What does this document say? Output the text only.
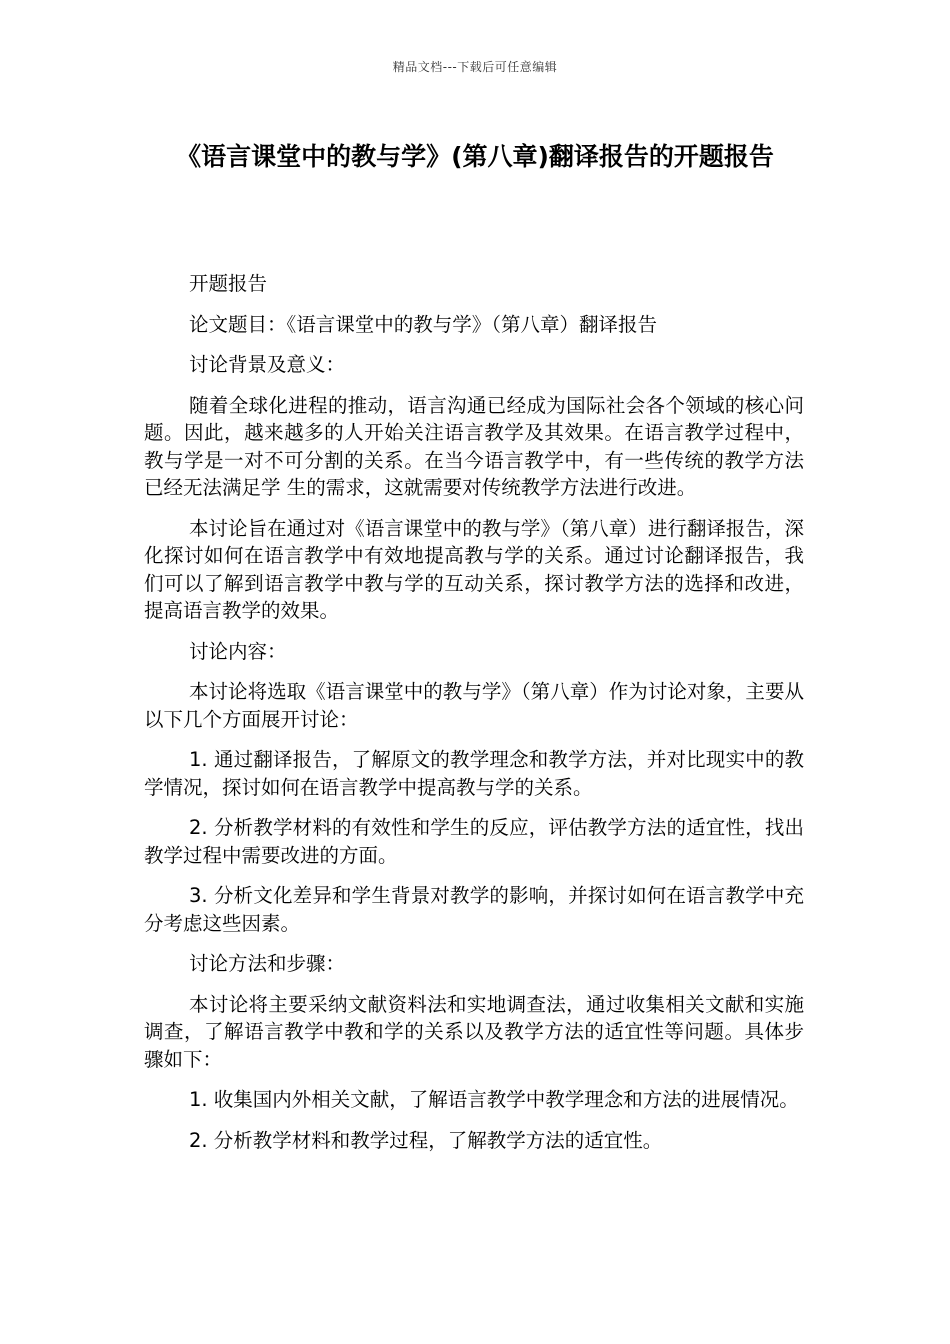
精品文档---下载后可任意编辑
《语言课堂中的教与学》(第八章)翻译报告的开题报告

开题报告

论文题目：《语言课堂中的教与学》（第八章）翻译报告

讨论背景及意义：

随着全球化进程的推动，语言沟通已经成为国际社会各个领域的核心问题。因此，越来越多的人开始关注语言教学及其效果。在语言教学过程中，教与学是一对不可分割的关系。在当今语言教学中，有一些传统的教学方法已经无法满足学 生的需求，这就需要对传统教学方法进行改进。

本讨论旨在通过对《语言课堂中的教与学》（第八章）进行翻译报告，深化探讨如何在语言教学中有效地提高教与学的关系。通过讨论翻译报告，我们可以了解到语言教学中教与学的互动关系，探讨教学方法的选择和改进，提高语言教学的效果。

讨论内容：

本讨论将选取《语言课堂中的教与学》（第八章）作为讨论对象，主要从以下几个方面展开讨论：

1. 通过翻译报告，了解原文的教学理念和教学方法，并对比现实中的教学情况，探讨如何在语言教学中提高教与学的关系。

2. 分析教学材料的有效性和学生的反应，评估教学方法的适宜性，找出教学过程中需要改进的方面。

3. 分析文化差异和学生背景对教学的影响，并探讨如何在语言教学中充分考虑这些因素。

讨论方法和步骤：

本讨论将主要采纳文献资料法和实地调查法，通过收集相关文献和实施调查，了解语言教学中教和学的关系以及教学方法的适宜性等问题。具体步骤如下：

1. 收集国内外相关文献，了解语言教学中教学理念和方法的进展情况。

2. 分析教学材料和教学过程，了解教学方法的适宜性。
